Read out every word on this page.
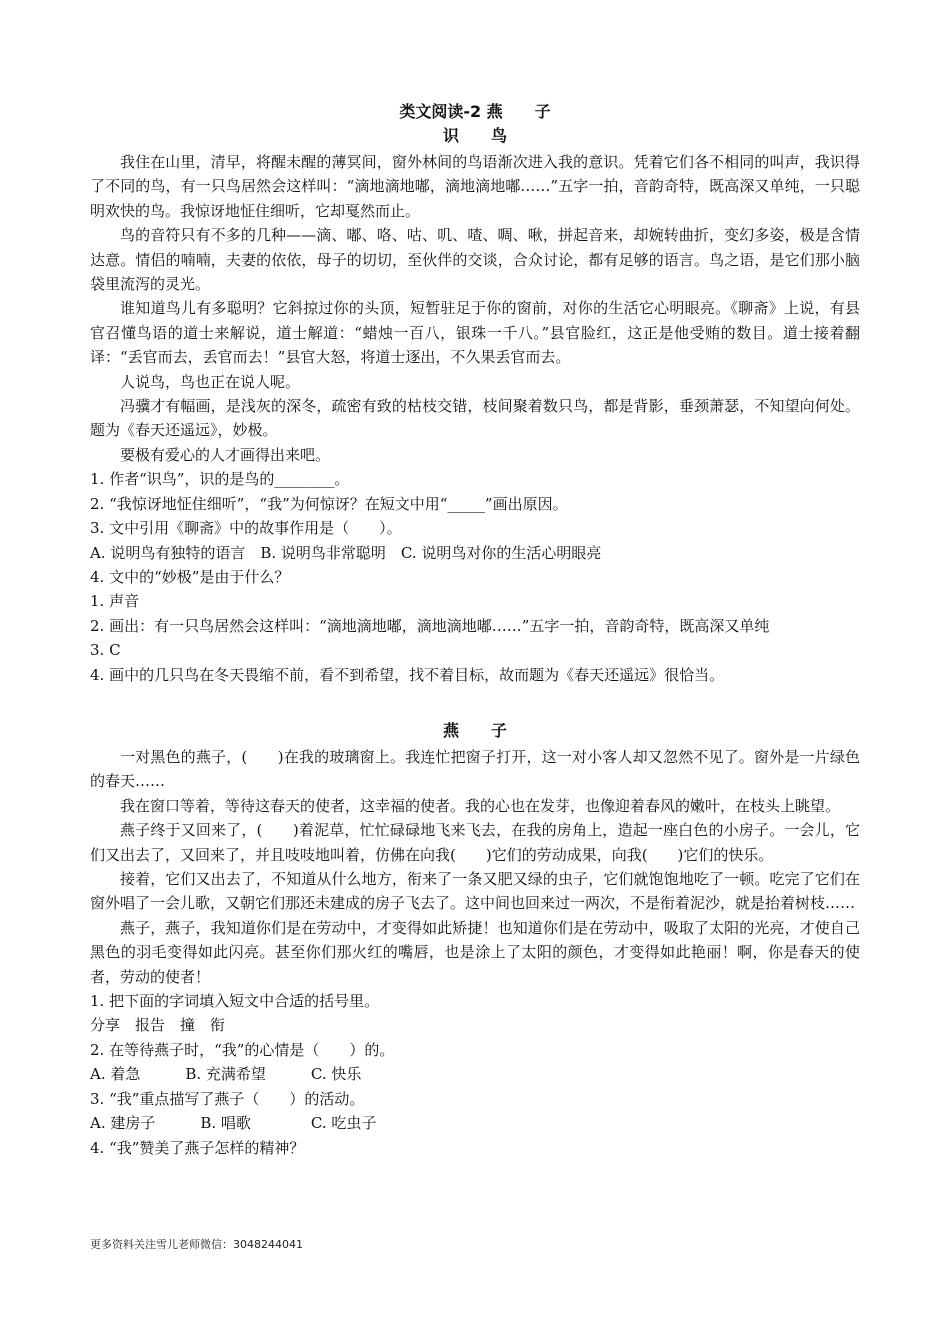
类文阅读-2 燕　　子
识　　鸟

我住在山里，清早，将醒未醒的薄冥间，窗外林间的鸟语渐次进入我的意识。凭着它们各不相同的叫声，我识得了不同的鸟，有一只鸟居然会这样叫：“滴地滴地嘟，滴地滴地嘟……”五字一拍，音韵奇特，既高深又单纯，一只聪明欢快的鸟。我惊讶地怔住细听，它却戛然而止。

鸟的音符只有不多的几种——滴、嘟、咯、咕、叽、喳、啁、啾，拼起音来，却婉转曲折，变幻多姿，极是含情达意。情侣的喃喃，夫妻的依依，母子的切切，至伙伴的交谈，合众讨论，都有足够的语言。鸟之语，是它们那小脑袋里流泻的灵光。

谁知道鸟儿有多聪明？它斜掠过你的头顶，短暂驻足于你的窗前，对你的生活它心明眼亮。《聊斋》上说，有县官召懂鸟语的道士来解说，道士解道：“蜡烛一百八，银珠一千八。”县官脸红，这正是他受贿的数目。道士接着翻译：“丢官而去，丢官而去！”县官大怒，将道士逐出，不久果丢官而去。

人说鸟，鸟也正在说人呢。

冯骥才有幅画，是浅灰的深冬，疏密有致的枯枝交错，枝间聚着数只鸟，都是背影，垂颈萧瑟，不知望向何处。题为《春天还遥远》，妙极。

要极有爱心的人才画得出来吧。

1. 作者“识鸟”，识的是鸟的________。

2. “我惊讶地怔住细听”，“我”为何惊讶？在短文中用“_____”画出原因。

3. 文中引用《聊斋》中的故事作用是（　　）。

A. 说明鸟有独特的语言　B. 说明鸟非常聪明　C. 说明鸟对你的生活心明眼亮

4. 文中的“妙极”是由于什么？

1. 声音

2. 画出：有一只鸟居然会这样叫：“滴地滴地嘟，滴地滴地嘟……”五字一拍，音韵奇特，既高深又单纯

3. C

4. 画中的几只鸟在冬天畏缩不前，看不到希望，找不着目标，故而题为《春天还遥远》很恰当。

燕　　子

一对黑色的燕子，(　　)在我的玻璃窗上。我连忙把窗子打开，这一对小客人却又忽然不见了。窗外是一片绿色的春天……

我在窗口等着，等待这春天的使者，这幸福的使者。我的心也在发芽，也像迎着春风的嫩叶，在枝头上眺望。

燕子终于又回来了，(　　)着泥草，忙忙碌碌地飞来飞去，在我的房角上，造起一座白色的小房子。一会儿，它们又出去了，又回来了，并且吱吱地叫着，仿佛在向我(　　)它们的劳动成果，向我(　　)它们的快乐。

接着，它们又出去了，不知道从什么地方，衔来了一条又肥又绿的虫子，它们就饱饱地吃了一顿。吃完了它们在窗外唱了一会儿歌，又朝它们那还未建成的房子飞去了。这中间也回来过一两次，不是衔着泥沙，就是抬着树枝……

燕子，燕子，我知道你们是在劳动中，才变得如此矫捷！也知道你们是在劳动中，吸取了太阳的光亮，才使自己黑色的羽毛变得如此闪亮。甚至你们那火红的嘴唇，也是涂上了太阳的颜色，才变得如此艳丽！啊，你是春天的使者，劳动的使者！

1. 把下面的字词填入短文中合适的括号里。

分享　报告　撞　衔

2. 在等待燕子时，“我”的心情是（　　）的。

A. 着急　　　B. 充满希望　　　C. 快乐

3. “我”重点描写了燕子（　　）的活动。

A. 建房子　　　B. 唱歌　　　　C. 吃虫子

4. “我”赞美了燕子怎样的精神？

更多资料关注雪儿老师微信：3048244041
